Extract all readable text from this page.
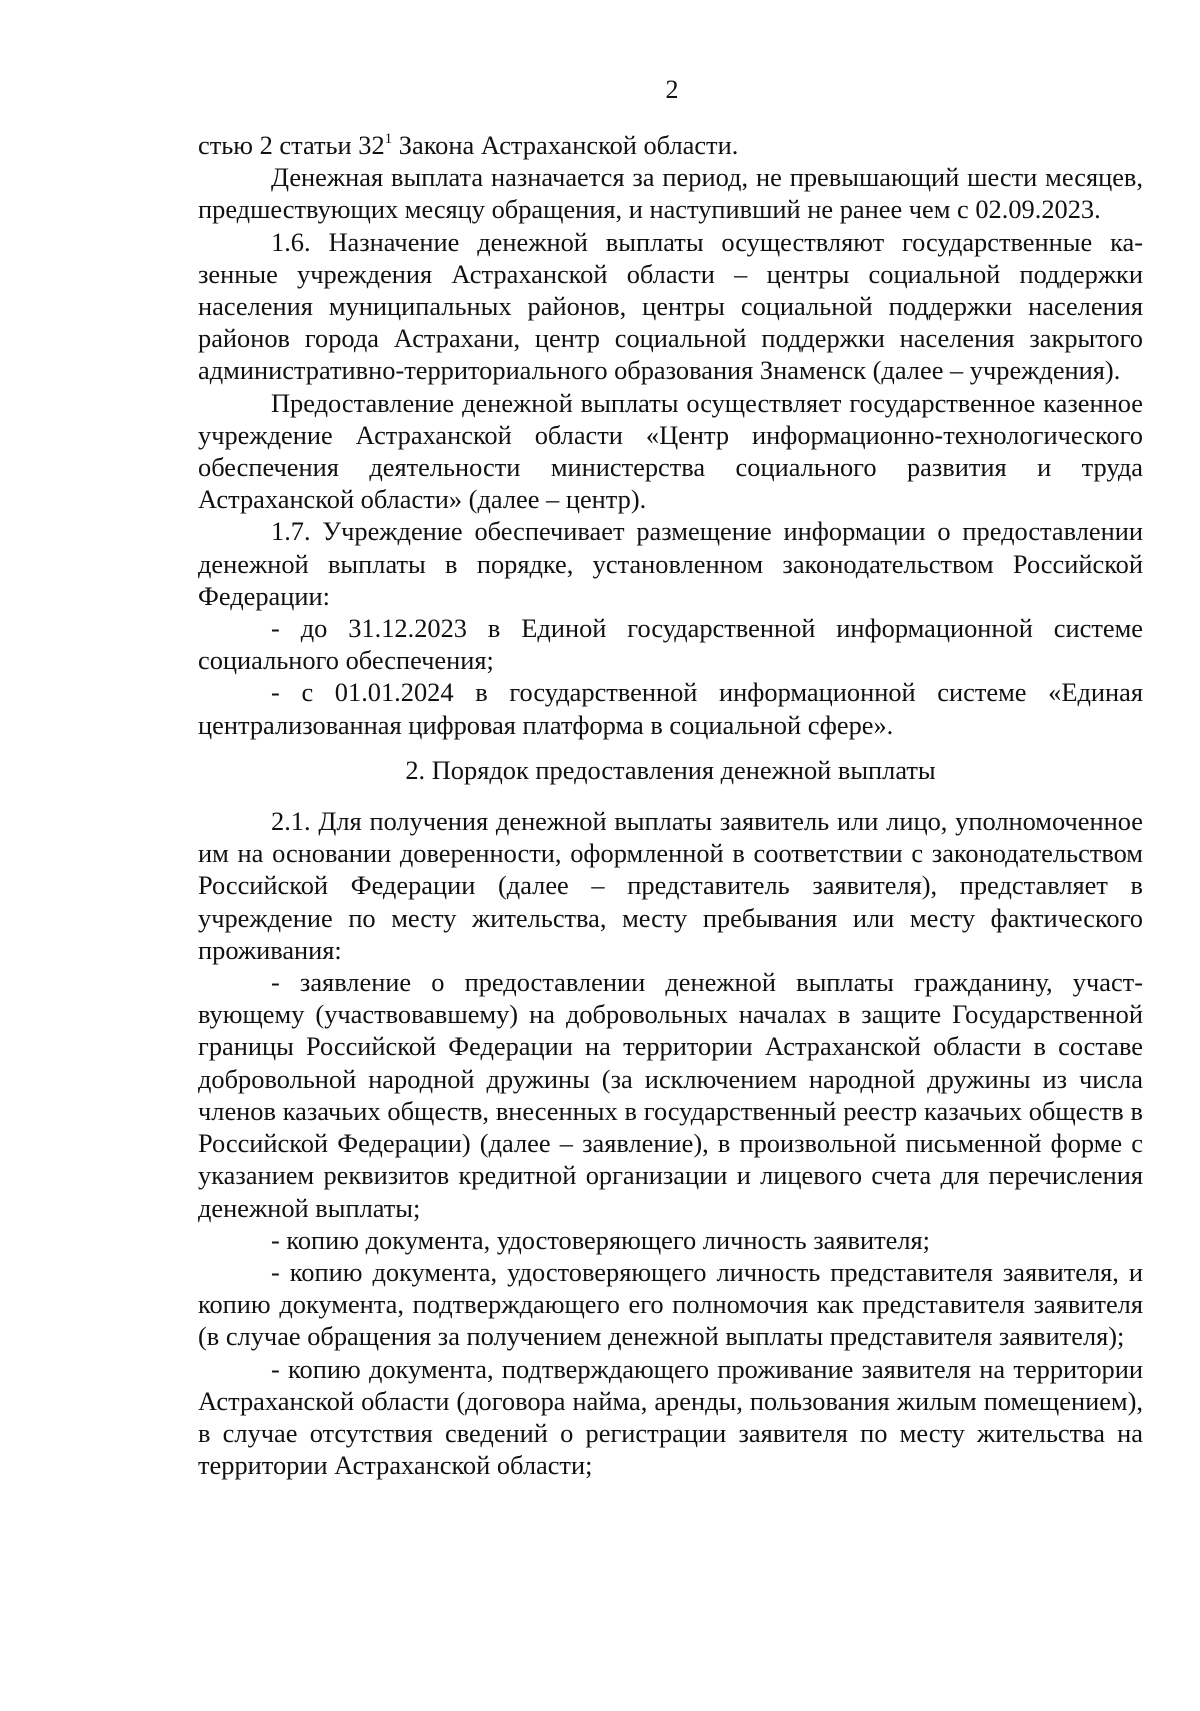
2

стью 2 статьи $32^1$ Закона Астраханской области.

Денежная выплата назначается за период, не превышающий шести месяцев, предшествующих месяцу обращения, и наступивший не ранее чем с 02.09.2023.

1.6. Назначение денежной выплаты осуществляют государственные казенные учреждения Астраханской области – центры социальной поддержки населения муниципальных районов, центры социальной поддержки населения районов города Астрахани, центр социальной поддержки населения закрытого административно-территориального образования Знаменск (далее – учреждения).

Предоставление денежной выплаты осуществляет государственное казенное учреждение Астраханской области «Центр информационно-технологического обеспечения деятельности министерства социального развития и труда Астраханской области» (далее – центр).

1.7. Учреждение обеспечивает размещение информации о предоставлении денежной выплаты в порядке, установленном законодательством Российской Федерации:

- до 31.12.2023 в Единой государственной информационной системе социального обеспечения;

- с 01.01.2024 в государственной информационной системе «Единая централизованная цифровая платформа в социальной сфере».

2. Порядок предоставления денежной выплаты

2.1. Для получения денежной выплаты заявитель или лицо, уполномоченное им на основании доверенности, оформленной в соответствии с законодательством Российской Федерации (далее – представитель заявителя), представляет в учреждение по месту жительства, месту пребывания или месту фактического проживания:

- заявление о предоставлении денежной выплаты гражданину, участвующему (участвовавшему) на добровольных началах в защите Государственной границы Российской Федерации на территории Астраханской области в составе добровольной народной дружины (за исключением народной дружины из числа членов казачьих обществ, внесенных в государственный реестр казачьих обществ в Российской Федерации) (далее – заявление), в произвольной письменной форме с указанием реквизитов кредитной организации и лицевого счета для перечисления денежной выплаты;

- копию документа, удостоверяющего личность заявителя;

- копию документа, удостоверяющего личность представителя заявителя, и копию документа, подтверждающего его полномочия как представителя заявителя (в случае обращения за получением денежной выплаты представителя заявителя);

- копию документа, подтверждающего проживание заявителя на территории Астраханской области (договора найма, аренды, пользования жилым помещением), в случае отсутствия сведений о регистрации заявителя по месту жительства на территории Астраханской области;
